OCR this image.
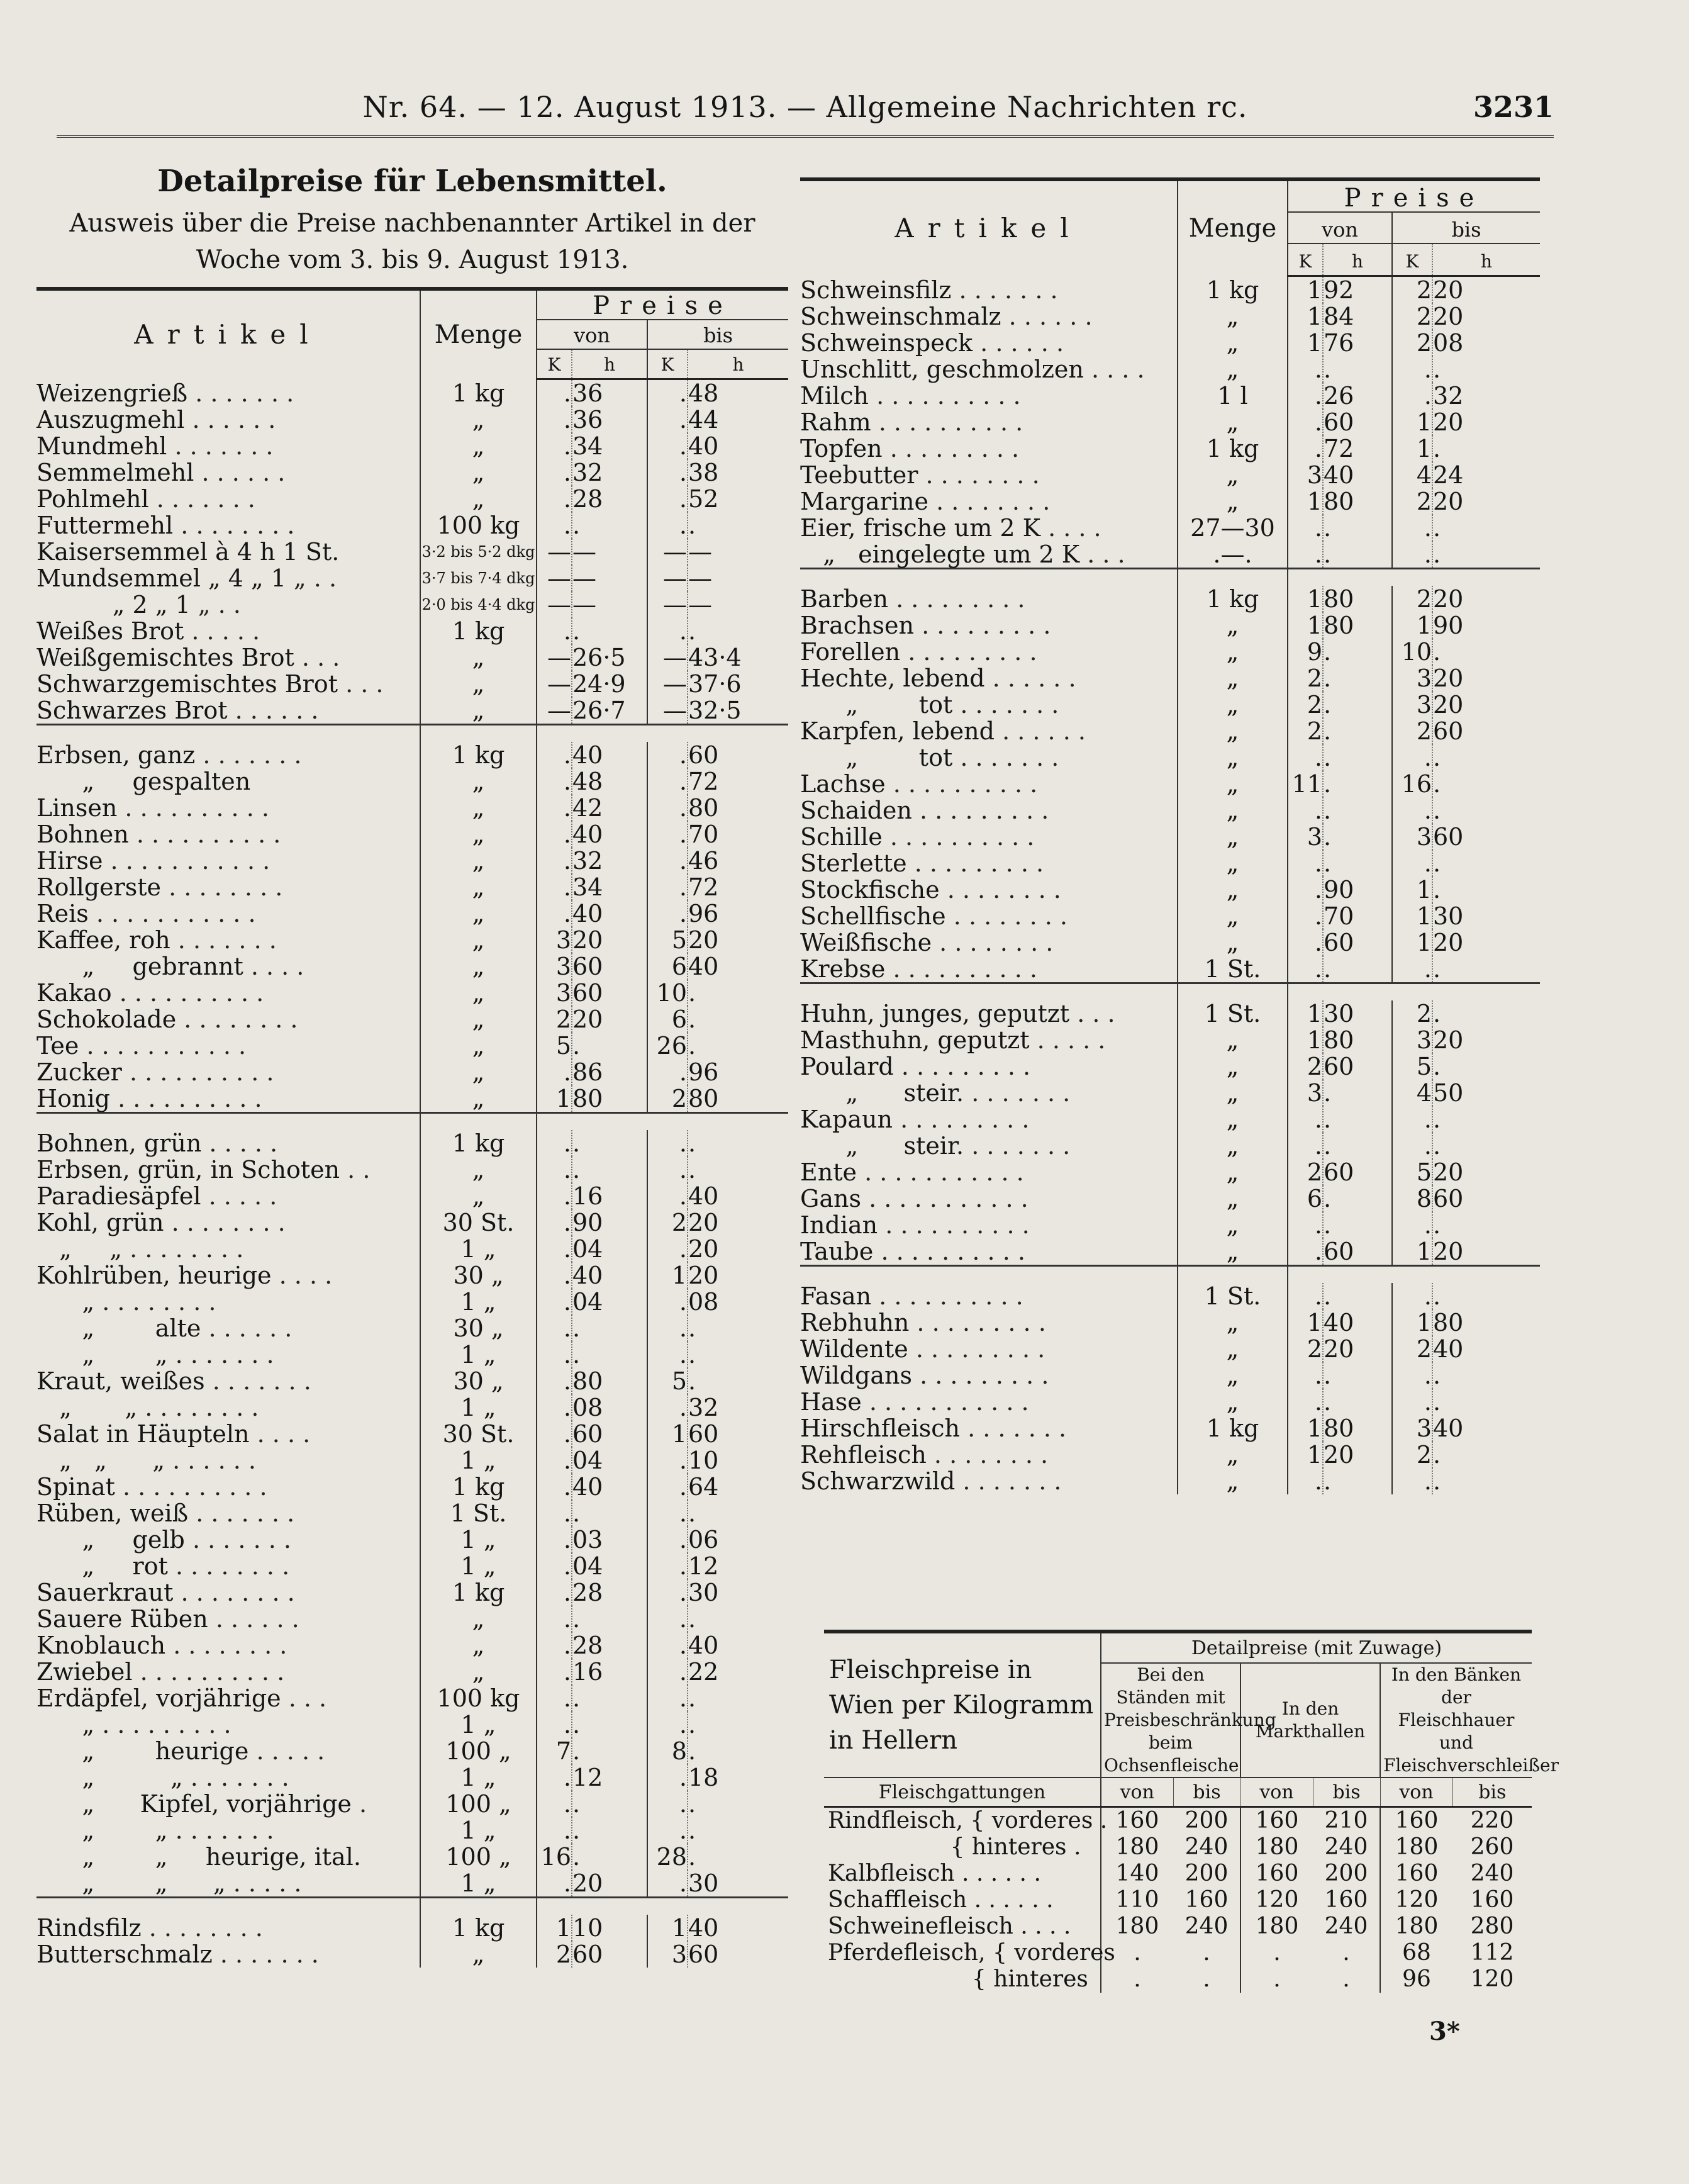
Nr. 64. — 12. August 1913. — Allgemeine Nachrichten rc.	3231
Detailpreise für Lebensmittel.
Ausweis über die Preise nachbenannter Artikel in der Woche vom 3. bis 9. August 1913.
Artikel	Menge	Preise			
		von		bis	
		K	h	K	h
Weizengrieß . . . . . . .	1 kg	.	36	.	48
Auszugmehl . . . . . .	„	.	36	.	44
Mundmehl . . . . . . .	„	.	34	.	40
Semmelmehl . . . . . .	„	.	32	.	38
Pohlmehl . . . . . . .	„	.	28	.	52
Futtermehl . . . . . . . .	100 kg	.	.	.	.
Kaisersemmel à 4 h 1 St.	3·2 bis 5·2 dkg	—	—	—	—
Mundsemmel „ 4 „ 1 „ . .	3·7 bis 7·4 dkg	—	—	—	—
„ 2 „ 1 „ . .	2·0 bis 4·4 dkg	—	—	—	—
Weißes Brot . . . . .	1 kg	.	.	.	.
Weißgemischtes Brot . . .	„	—	26·5	—	43·4
Schwarzgemischtes Brot . . .	„	—	24·9	—	37·6
Schwarzes Brot . . . . . .	„	—	26·7	—	32·5

Erbsen, ganz . . . . . . .	1 kg	.	40	.	60
„     gespalten	„	.	48	.	72
Linsen . . . . . . . . . .	„	.	42	.	80
Bohnen . . . . . . . . . .	„	.	40	.	70
Hirse . . . . . . . . . . .	„	.	32	.	46
Rollgerste . . . . . . . .	„	.	34	.	72
Reis . . . . . . . . . . .	„	.	40	.	96
Kaffee, roh . . . . . . .	„	3	20	5	20
„     gebrannt . . . .	„	3	60	6	40
Kakao . . . . . . . . . .	„	3	60	10	.
Schokolade . . . . . . . .	„	2	20	6	.
Tee . . . . . . . . . . .	„	5	.	26	.
Zucker . . . . . . . . . .	„	.	86	.	96
Honig . . . . . . . . . .	„	1	80	2	80

Bohnen, grün . . . . .	1 kg	.	.	.	.
Erbsen, grün, in Schoten . .	„	.	.	.	.
Paradiesäpfel . . . . .	„	.	16	.	40
Kohl, grün . . . . . . . .	30 St.	.	90	2	20
„     „ . . . . . . . .	1 „	.	04	.	20
Kohlrüben, heurige . . . .	30 „	.	40	1	20
„ . . . . . . . .	1 „	.	04	.	08
„        alte . . . . . .	30 „	.	.	.	.
„        „ . . . . . . .	1 „	.	.	.	.
Kraut, weißes . . . . . . .	30 „	.	80	5	.
„       „ . . . . . . . .	1 „	.	08	.	32
Salat in Häupteln . . . .	30 St.	.	60	1	60
„   „      „ . . . . . .	1 „	.	04	.	10
Spinat . . . . . . . . . .	1 kg	.	40	.	64
Rüben, weiß . . . . . . .	1 St.	.	.	.	.
„     gelb . . . . . . .	1 „	.	03	.	06
„     rot . . . . . . . .	1 „	.	04	.	12
Sauerkraut . . . . . . . .	1 kg	.	28	.	30
Sauere Rüben . . . . . .	„	.	.	.	.
Knoblauch . . . . . . . .	„	.	28	.	40
Zwiebel . . . . . . . . . .	„	.	16	.	22
Erdäpfel, vorjährige . . .	100 kg	.	.	.	.
„ . . . . . . . . .	1 „	.	.	.	.
„        heurige . . . . .	100 „	7	.	8	.
„          „ . . . . . . .	1 „	.	12	.	18
„      Kipfel, vorjährige .	100 „	.	.	.	.
„        „ . . . . . . .	1 „	.	.	.	.
„        „     heurige, ital.	100 „	16	.	28	.
„        „      „ . . . . .	1 „	.	20	.	30

Rindsfilz . . . . . . . .	1 kg	1	10	1	40
Butterschmalz . . . . . . .	„	2	60	3	60
Artikel	Menge	Preise			
		von		bis	
		K	h	K	h
Schweinsfilz . . . . . . .	1 kg	1	92	2	20
Schweinschmalz . . . . . .	„	1	84	2	20
Schweinspeck . . . . . .	„	1	76	2	08
Unschlitt, geschmolzen . . . .	„	.	.	.	.
Milch . . . . . . . . . .	1 l	.	26	.	32
Rahm . . . . . . . . . .	„	.	60	1	20
Topfen . . . . . . . . .	1 kg	.	72	1	.
Teebutter . . . . . . . .	„	3	40	4	24
Margarine . . . . . . . .	„	1	80	2	20
Eier, frische um 2 K . . . .	27—30	.	.	.	.
„   eingelegte um 2 K . . .	.—.	.	.	.	.

Barben . . . . . . . . .	1 kg	1	80	2	20
Brachsen . . . . . . . . .	„	1	80	1	90
Forellen . . . . . . . . .	„	9	.	10	.
Hechte, lebend . . . . . .	„	2	.	3	20
„        tot . . . . . . .	„	2	.	3	20
Karpfen, lebend . . . . . .	„	2	.	2	60
„        tot . . . . . . .	„	.	.	.	.
Lachse . . . . . . . . . .	„	11	.	16	.
Schaiden . . . . . . . . .	„	.	.	.	.
Schille . . . . . . . . . .	„	3	.	3	60
Sterlette . . . . . . . . .	„	.	.	.	.
Stockfische . . . . . . . .	„	.	90	1	.
Schellfische . . . . . . . .	„	.	70	1	30
Weißfische . . . . . . . .	„	.	60	1	20
Krebse . . . . . . . . . .	1 St.	.	.	.	.

Huhn, junges, geputzt . . .	1 St.	1	30	2	.
Masthuhn, geputzt . . . . .	„	1	80	3	20
Poulard . . . . . . . . .	„	2	60	5	.
„      steir. . . . . . . .	„	3	.	4	50
Kapaun . . . . . . . . .	„	.	.	.	.
„      steir. . . . . . . .	„	.	.	.	.
Ente . . . . . . . . . . .	„	2	60	5	20
Gans . . . . . . . . . . .	„	6	.	8	60
Indian . . . . . . . . . .	„	.	.	.	.
Taube . . . . . . . . . .	„	.	60	1	20

Fasan . . . . . . . . . .	1 St.	.	.	.	.
Rebhuhn . . . . . . . . .	„	1	40	1	80
Wildente . . . . . . . . .	„	2	20	2	40
Wildgans . . . . . . . . .	„	.	.	.	.
Hase . . . . . . . . . . .	„	.	.	.	.
Hirschfleisch . . . . . . .	1 kg	1	80	3	40
Rehfleisch . . . . . . . .	„	1	20	2	.
Schwarzwild . . . . . . .	„	.	.	.	.
Fleischpreise in Wien per Kilogramm in Hellern	Detailpreise (mit Zuwage)					
	Bei den Ständen mit Preisbeschränkung beim Ochsenfleische		In den Markthallen		In den Bänken der Fleischhauer und Fleischverschleißer	
Fleischgattungen	von	bis	von	bis	von	bis
Rindfleisch, { vorderes .	160	200	160	210	160	220
{ hinteres .	180	240	180	240	180	260
Kalbfleisch . . . . . .	140	200	160	200	160	240
Schaffleisch . . . . . .	110	160	120	160	120	160
Schweinefleisch . . . .	180	240	180	240	180	280
Pferdefleisch, { vorderes	.	.	.	.	68	112
{ hinteres	.	.	.	.	96	120
3*
